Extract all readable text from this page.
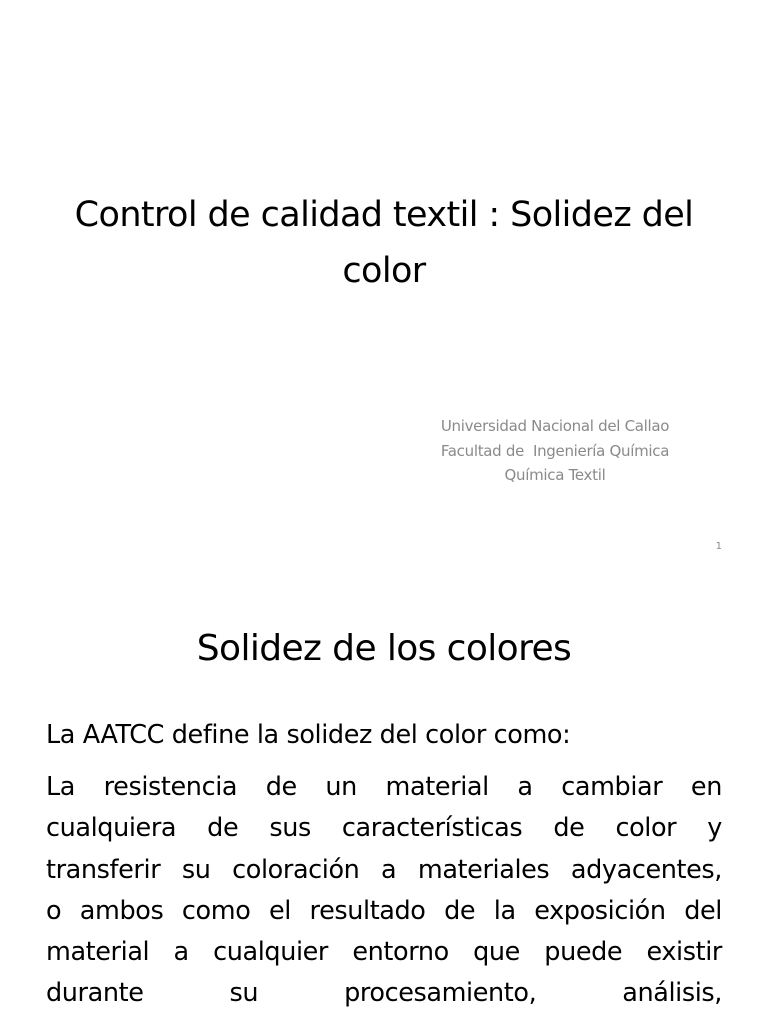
Control de calidad textil : Solidez del color
Universidad Nacional del Callao
Facultad de  Ingeniería Química
Química Textil
1
Solidez de los colores

La AATCC define la solidez del color como:

La resistencia de un material a cambiar en
cualquiera de sus características de color y
transferir su coloración a materiales adyacentes,
o ambos como el resultado de la exposición del
material a cualquier entorno que puede existir
durante su procesamiento, análisis,
